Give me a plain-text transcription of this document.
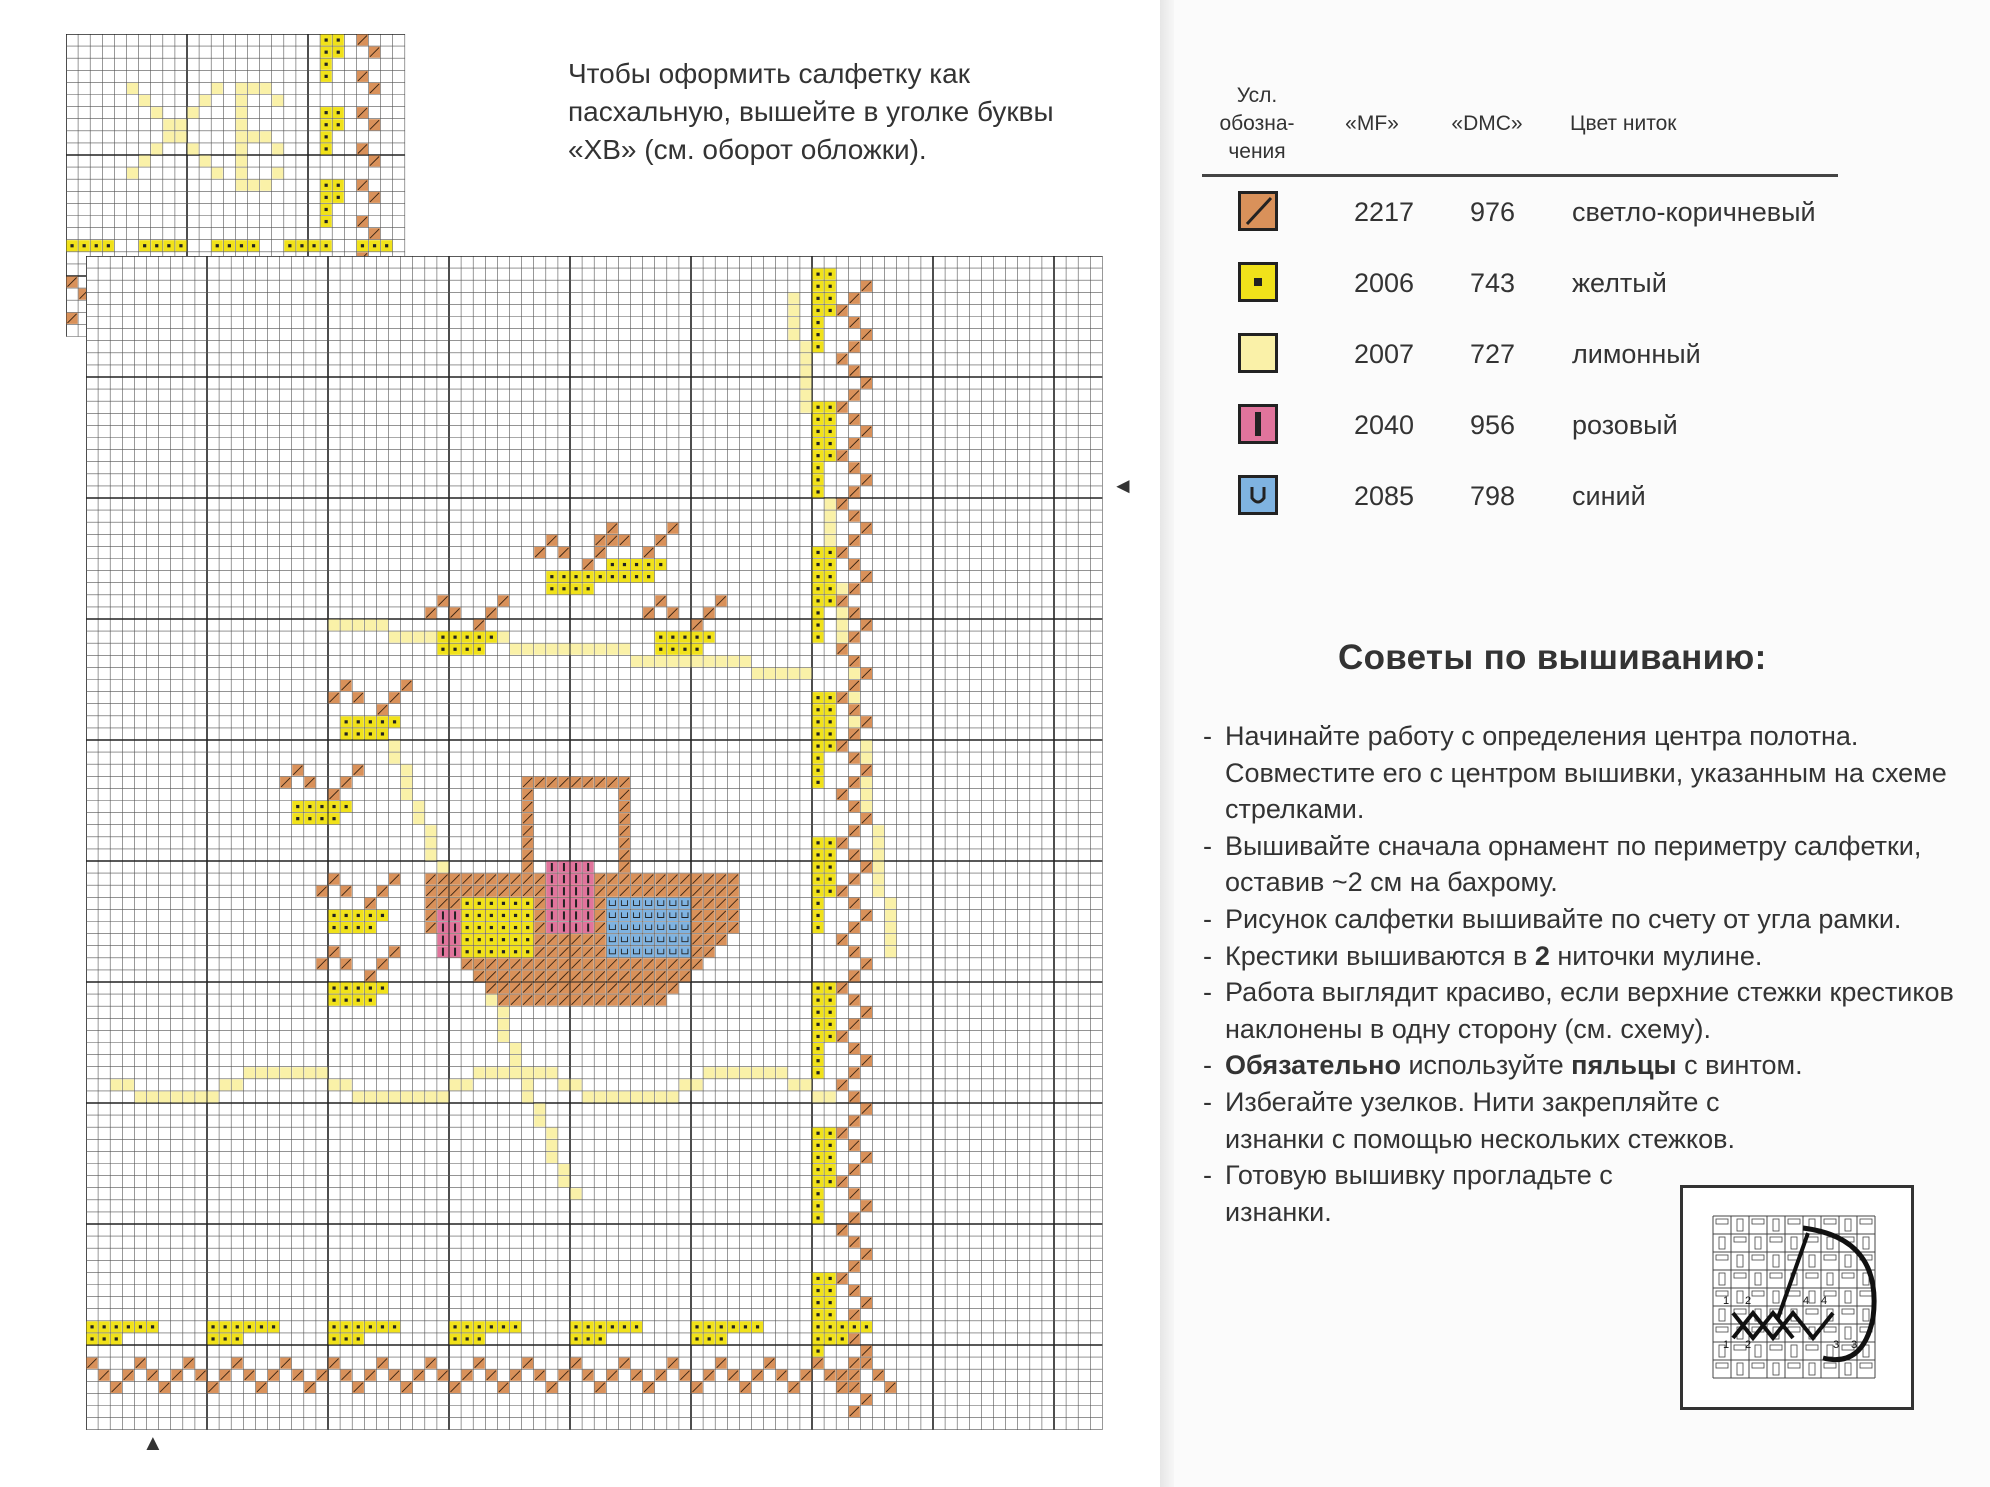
◄
▲
Чтобы оформить салфетку как пасхальную, вышейте в уголке буквы «ХВ» (см. оборот обложки).
Усл. обозна-чения
«MF»	«DMC»	Цвет ниток
2217 976 светло-коричневый
2006 743 желтый
2007 727 лимонный
2040 956 розовый
2085 798 синий
Советы по вышиванию:
- Начинайте работу с определения центра полотна. Совместите его с центром вышивки, указанным на схеме стрелками.
- Вышивайте сначала орнамент по периметру салфетки, оставив ~2 см на бахрому.
- Рисунок салфетки вышивайте по счету от угла рамки.
- Крестики вышиваются в 2 ниточки мулине.
- Работа выглядит красиво, если верхние стежки крестиков наклонены в одну сторону (см. схему).
- Обязательно используйте пяльцы с винтом.
- Избегайте узелков. Нити закрепляйте с изнанки с помощью нескольких стежков.
- Готовую вышивку прогладьте с изнанки.
1
1
2
2	3 3
4 4
